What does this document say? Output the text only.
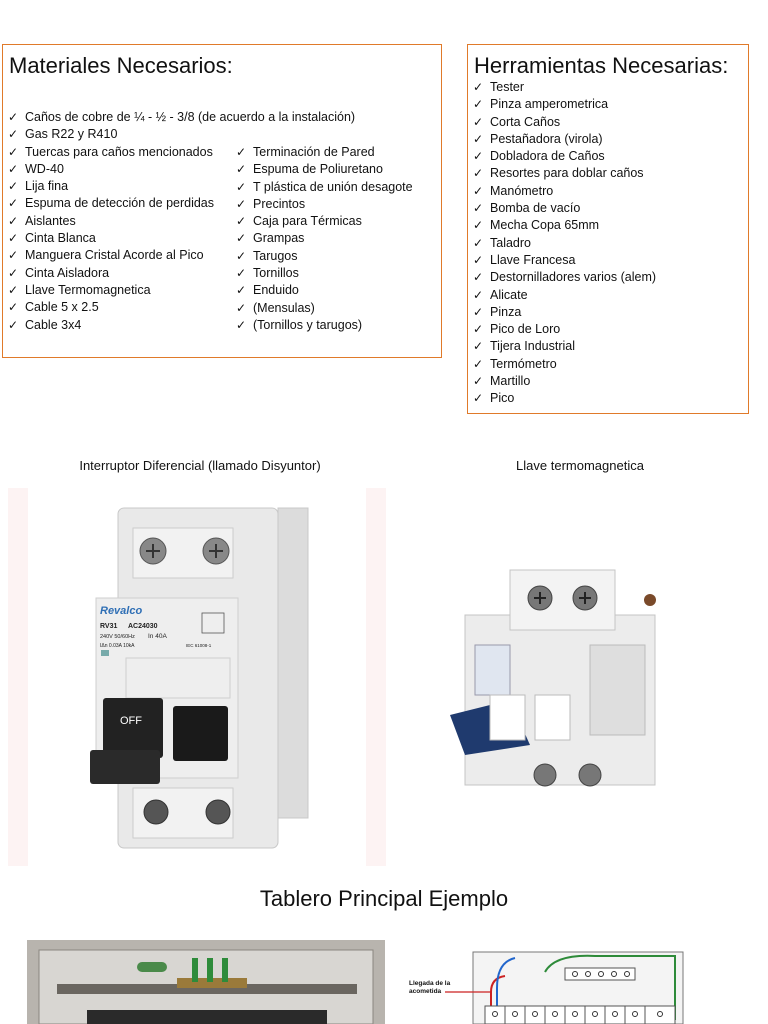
Materiales Necesarios:
✓ Caños de cobre de ¼ - ½ - 3/8 (de acuerdo a la instalación)
✓ Gas R22 y R410
✓ Tuercas para caños mencionados
✓ WD-40
✓ Lija fina
✓ Espuma de detección de perdidas
✓ Aislantes
✓ Cinta Blanca
✓ Manguera Cristal Acorde al Pico
✓ Cinta Aisladora
✓ Llave Termomagnetica
✓ Cable 5 x 2.5
✓ Cable 3x4
✓ Terminación de Pared
✓ Espuma de Poliuretano
✓ T plástica de unión desagote
✓ Precintos
✓ Caja para Térmicas
✓ Grampas
✓ Tarugos
✓ Tornillos
✓ Enduido
✓ (Mensulas)
✓ (Tornillos y tarugos)
Herramientas Necesarias:
✓ Tester
✓ Pinza amperometrica
✓ Corta Caños
✓ Pestañadora (virola)
✓ Dobladora de Caños
✓ Resortes para doblar caños
✓ Manómetro
✓ Bomba de vacío
✓ Mecha Copa 65mm
✓ Taladro
✓ Llave Francesa
✓ Destornilladores varios (alem)
✓ Alicate
✓ Pinza
✓ Pico de Loro
✓ Tijera Industrial
✓ Termómetro
✓ Martillo
✓ Pico
Interruptor Diferencial (llamado Disyuntor)	Llave termomagnetica
Revalco
RV31 AC24030
240V 50/60Hz In 40A
IΔn 0.03A 10kA	IEC 61008-1
OFF
Tablero Principal Ejemplo
Llegada de la acometida
